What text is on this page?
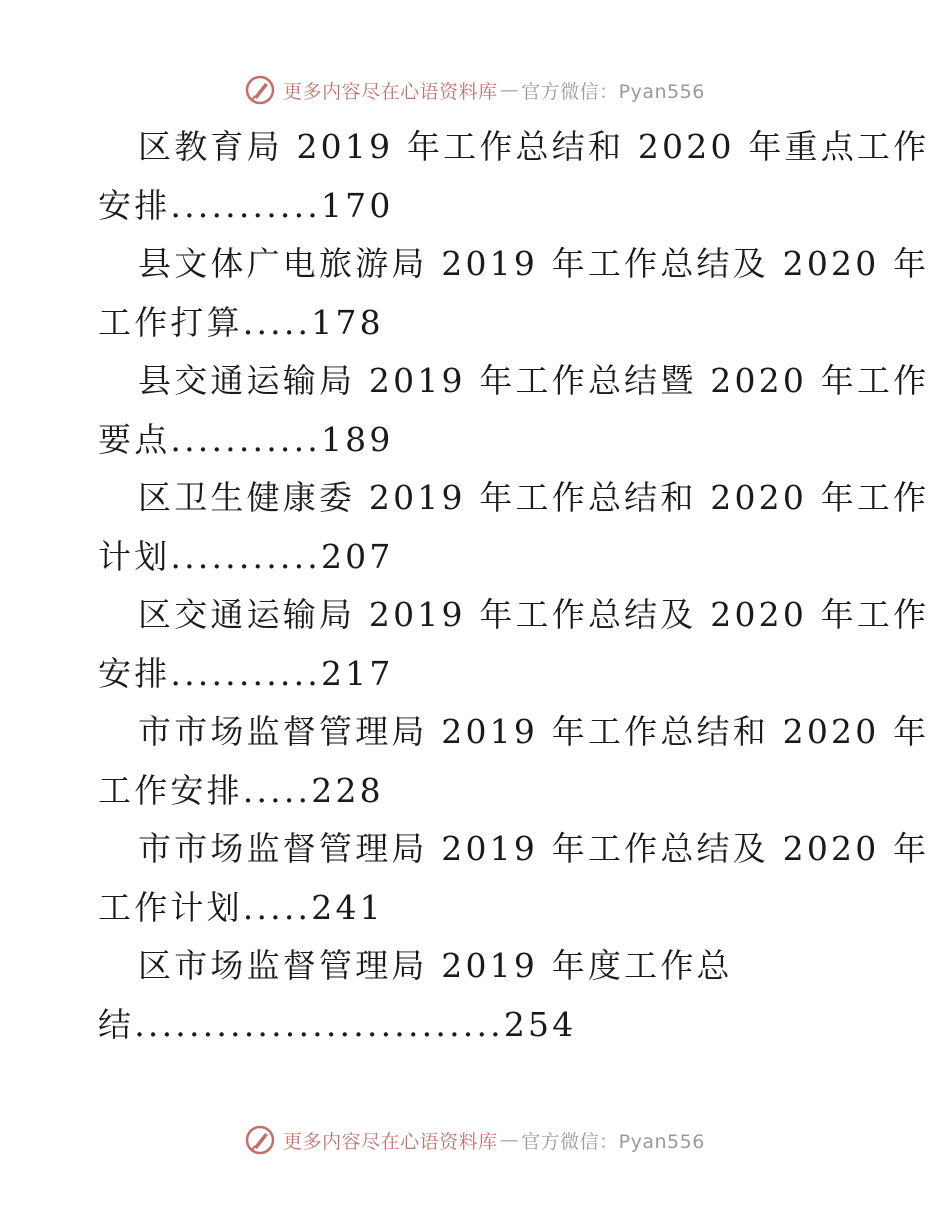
更多内容尽在心语资料库 — 官方微信：Pyan556
区教育局 2019 年工作总结和 2020 年重点工作
安排...........170
县文体广电旅游局 2019 年工作总结及 2020 年
工作打算.....178
县交通运输局 2019 年工作总结暨 2020 年工作
要点...........189
区卫生健康委 2019 年工作总结和 2020 年工作
计划...........207
区交通运输局 2019 年工作总结及 2020 年工作
安排...........217
市市场监督管理局 2019 年工作总结和 2020 年
工作安排.....228
市市场监督管理局 2019 年工作总结及 2020 年
工作计划.....241
区市场监督管理局 2019 年度工作总
结...........................254
更多内容尽在心语资料库 — 官方微信：Pyan556
